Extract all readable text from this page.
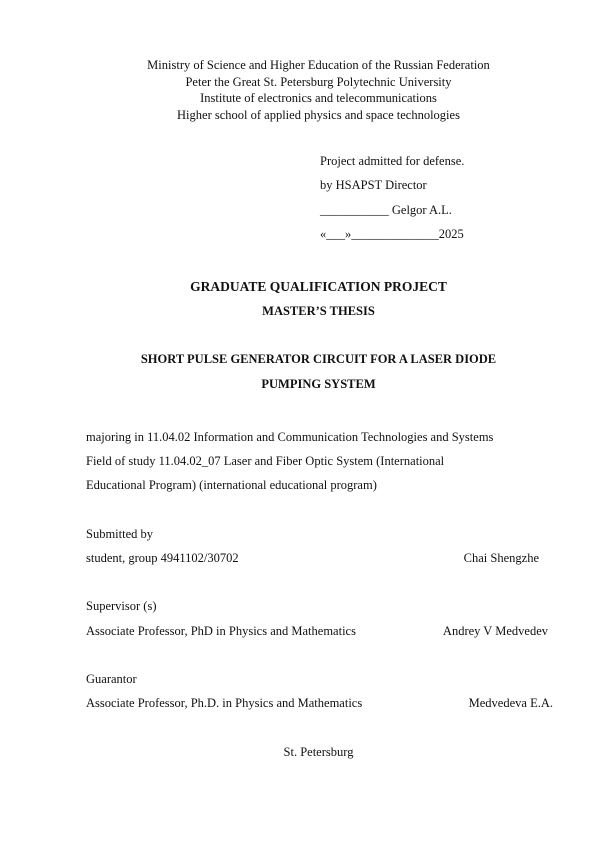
Ministry of Science and Higher Education of the Russian Federation
Peter the Great St. Petersburg Polytechnic University
Institute of electronics and telecommunications
Higher school of applied physics and space technologies
Project admitted for defense.
by HSAPST Director
___________ Gelgor A.L.
«___»______________2025
GRADUATE QUALIFICATION PROJECT
MASTER’S THESIS
SHORT PULSE GENERATOR CIRCUIT FOR A LASER DIODE
PUMPING SYSTEM
majoring in 11.04.02 Information and Communication Technologies and Systems
Field of study 11.04.02_07 Laser and Fiber Optic System (International
Educational Program) (international educational program)
Submitted by
student, group 4941102/30702	Chai Shengzhe
Supervisor (s)
Associate Professor, PhD in Physics and Mathematics	Andrey V Medvedev
Guarantor
Associate Professor, Ph.D. in Physics and Mathematics	Medvedeva E.A.
St. Petersburg
